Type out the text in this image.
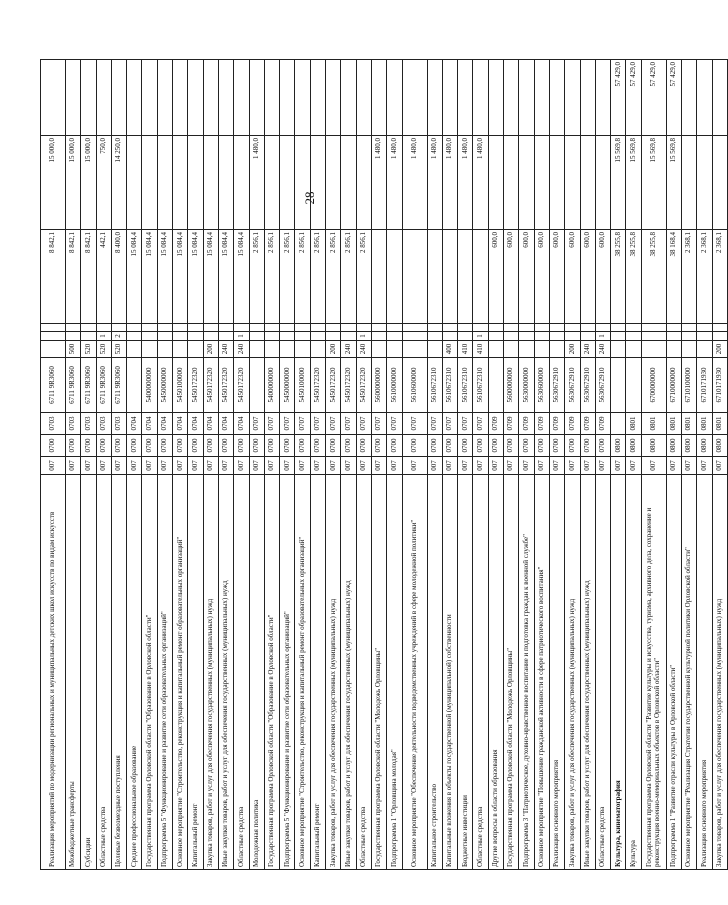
28
Реализация мероприятий по модернизации региональных и муниципальных детских школ искусств по видам искусств	007	0700	0703	6711 9R3060				8 842,1	15 000,0	
Межбюджетные трансферты	007	0700	0703	6711 9R3060	500			8 842,1	15 000,0	
Субсидии	007	0700	0703	6711 9R3060	520			8 842,1	15 000,0	
Областные средства	007	0700	0703	6711 9R3060	520	1		442,1	750,0	
Целевые безвозмездные поступления	007	0700	0703	6711 9R3060	520	2		8 400,0	14 250,0	
Среднее профессиональное образование	007	0700	0704					15 084,4		
Государственная программа Орловской области "Образование в Орловской области"	007	0700	0704	5400000000				15 084,4		
Подпрограмма 5 "Функционирование и развитие сети образовательных организаций"	007	0700	0704	5450000000				15 084,4		
Основное мероприятие "Строительство, реконструкция и капитальный ремонт образовательных организаций"	007	0700	0704	5450100000				15 084,4		
Капитальный ремонт	007	0700	0704	5450172320				15 084,4		
Закупка товаров, работ и услуг для обеспечения государственных (муниципальных) нужд	007	0700	0704	5450172320	200			15 084,4		
Иные закупки товаров, работ и услуг для обеспечения государственных (муниципальных) нужд	007	0700	0704	5450172320	240			15 084,4		
Областные средства	007	0700	0704	5450172320	240	1		15 084,4		
Молодежная политика	007	0700	0707					2 856,1	1 480,0	
Государственная программа Орловской области "Образование в Орловской области"	007	0700	0707	5400000000				2 856,1		
Подпрограмма 5 "Функционирование и развитие сети образовательных организаций"	007	0700	0707	5450000000				2 856,1		
Основное мероприятие "Строительство, реконструкция и капитальный ремонт образовательных организаций"	007	0700	0707	5450100000				2 856,1		
Капитальный ремонт	007	0700	0707	5450172320				2 856,1		
Закупка товаров, работ и услуг для обеспечения государственных (муниципальных) нужд	007	0700	0707	5450172320	200			2 856,1		
Иные закупки товаров, работ и услуг для обеспечения государственных (муниципальных) нужд	007	0700	0707	5450172320	240			2 856,1		
Областные средства	007	0700	0707	5450172320	240	1		2 856,1		
Государственная программа Орловской области "Молодежь Орловщины"	007	0700	0707	5600000000					1 480,0	
Подпрограмма 1 "Орловщина молодая"	007	0700	0707	5610000000					1 480,0	
Основное мероприятие "Обеспечение деятельности подведомственных учреждений в сфере молодежной политики"	007	0700	0707	5610600000					1 480,0	
Капитальное строительство	007	0700	0707	5610672310					1 480,0	
Капитальные вложения в объекты государственной (муниципальной) собственности	007	0700	0707	5610672310	400				1 480,0	
Бюджетные инвестиции	007	0700	0707	5610672310	410				1 480,0	
Областные средства	007	0700	0707	5610672310	410	1			1 480,0	
Другие вопросы в области образования	007	0700	0709					600,0		
Государственная программа Орловской области "Молодежь Орловщины"	007	0700	0709	5600000000				600,0		
Подпрограмма 3 "Патриотическое, духовно-нравственное воспитание и подготовка граждан к военной службе"	007	0700	0709	5630000000				600,0		
Основное мероприятие "Повышение гражданской активности в сфере патриотического воспитания"	007	0700	0709	5630600000				600,0		
Реализация основного мероприятия	007	0700	0709	5630672910				600,0		
Закупка товаров, работ и услуг для обеспечения государственных (муниципальных) нужд	007	0700	0709	5630672910	200			600,0		
Иные закупки товаров, работ и услуг для обеспечения государственных (муниципальных) нужд	007	0700	0709	5630672910	240			600,0		
Областные средства	007	0700	0709	5630672910	240	1		600,0		
Культура, кинематография	007	0800						38 255,8	15 569,8	57 429,0
Культура	007	0800	0801					38 255,8	15 569,8	57 429,0
Государственная программа Орловской области "Развитие культуры и искусства, туризма, архивного дела, сохранение и реконструкция военно-мемориальных объектов в Орловской области"	007	0800	0801	6700000000				38 255,8	15 569,8	57 429,0
Подпрограмма 1 "Развитие отрасли культуры в Орловской области"	007	0800	0801	6710000000				38 168,4	15 569,8	57 429,0
Основное мероприятие "Реализация Стратегии государственной культурной политики Орловской области"	007	0800	0801	6710100000				2 368,1		
Реализация основного мероприятия	007	0800	0801	6710171930				2 368,1		
Закупка товаров, работ и услуг для обеспечения государственных (муниципальных) нужд	007	0800	0801	6710171930	200			2 368,1		
